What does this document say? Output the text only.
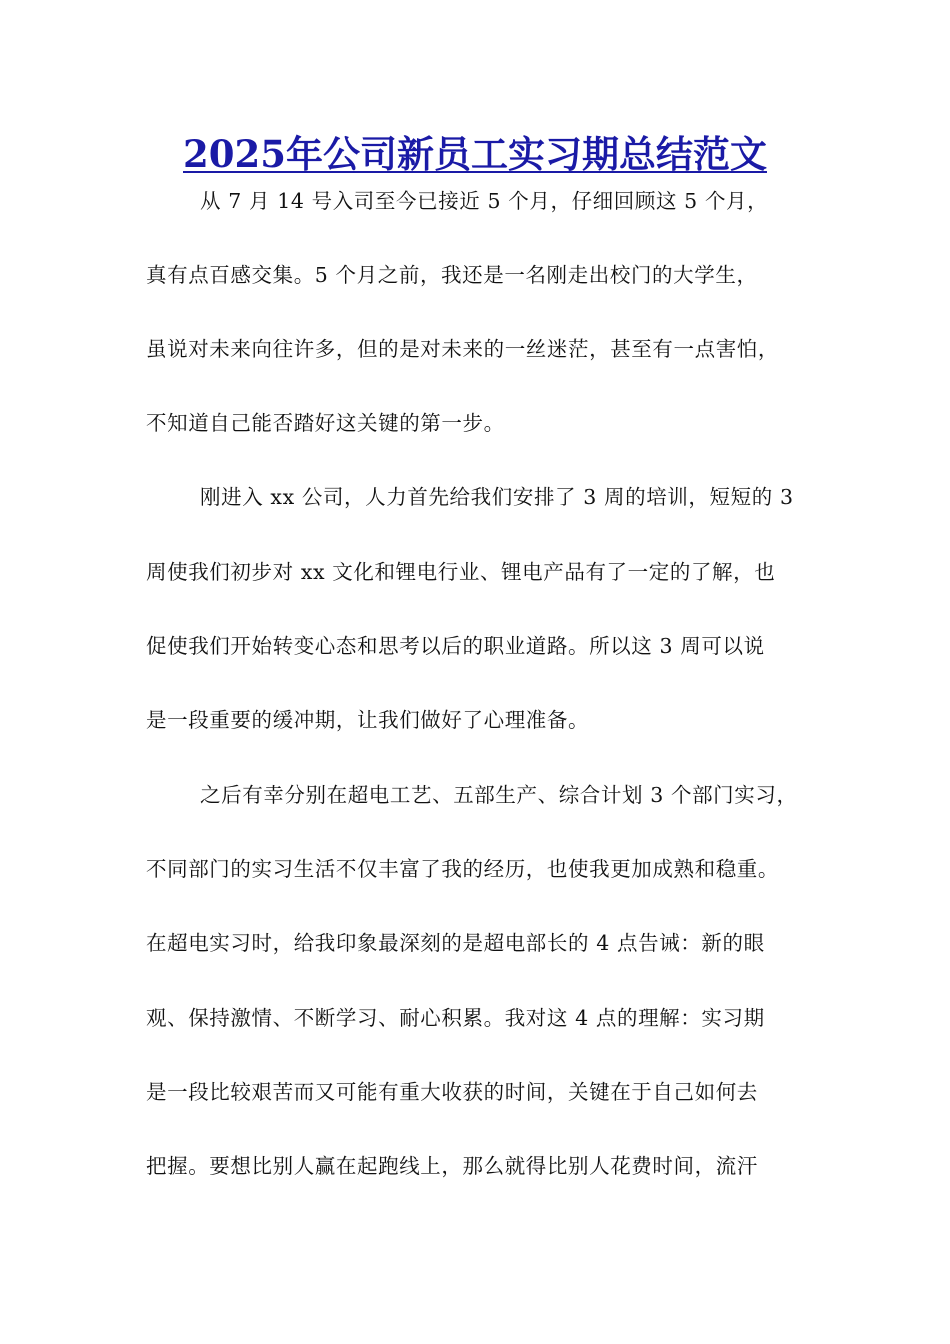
2025年公司新员工实习期总结范文
从 7 月 14 号入司至今已接近 5 个月，仔细回顾这 5 个月，
真有点百感交集。5 个月之前，我还是一名刚走出校门的大学生，
虽说对未来向往许多，但的是对未来的一丝迷茫，甚至有一点害怕，
不知道自己能否踏好这关键的第一步。
刚进入 xx 公司，人力首先给我们安排了 3 周的培训，短短的 3
周使我们初步对 xx 文化和锂电行业、锂电产品有了一定的了解，也
促使我们开始转变心态和思考以后的职业道路。所以这 3 周可以说
是一段重要的缓冲期，让我们做好了心理准备。
之后有幸分别在超电工艺、五部生产、综合计划 3 个部门实习，
不同部门的实习生活不仅丰富了我的经历，也使我更加成熟和稳重。
在超电实习时，给我印象最深刻的是超电部长的 4 点告诫：新的眼
观、保持激情、不断学习、耐心积累。我对这 4 点的理解：实习期
是一段比较艰苦而又可能有重大收获的时间，关键在于自己如何去
把握。要想比别人赢在起跑线上，那么就得比别人花费时间，流汗
